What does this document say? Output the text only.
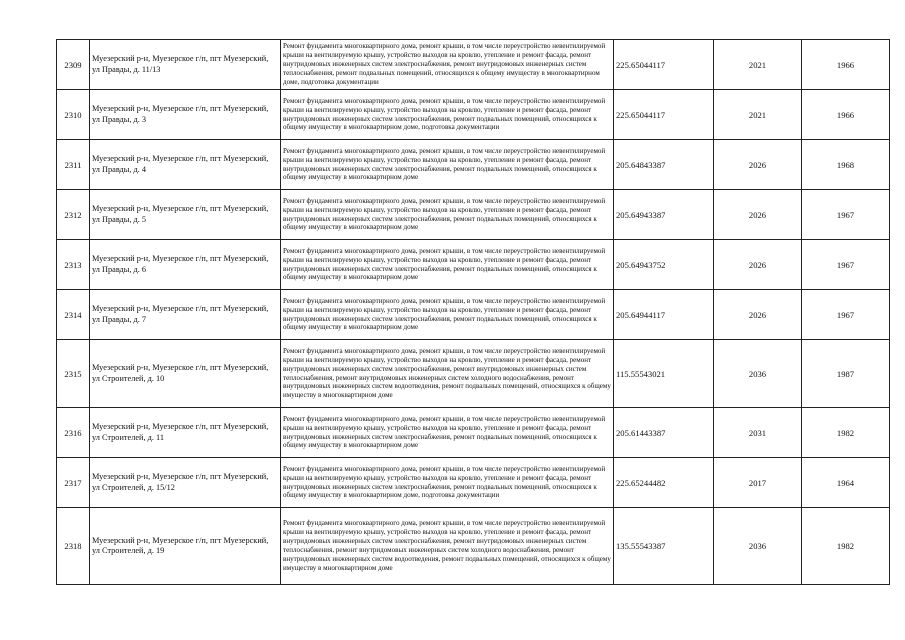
2309	Муезерский р-н, Муезерское г/п, пгт Муезерский, ул Правды, д. 11/13	Ремонт фундамента многоквартирного дома, ремонт крыши, в том числе переустройство невентилируемой крыши на вентилируемую крышу, устройство выходов на кровлю, утепление и ремонт фасада, ремонт внутридомовых инженерных систем электроснабжения, ремонт внутридомовых инженерных систем теплоснабжения, ремонт подвальных помещений, относящихся к общему имуществу в многоквартирном доме, подготовка документации	225.65044117	2021	1966
2310	Муезерский р-н, Муезерское г/п, пгт Муезерский, ул Правды, д. 3	Ремонт фундамента многоквартирного дома, ремонт крыши, в том числе переустройство невентилируемой крыши на вентилируемую крышу, устройство выходов на кровлю, утепление и ремонт фасада, ремонт внутридомовых инженерных систем электроснабжения, ремонт подвальных помещений, относящихся к общему имуществу в многоквартирном доме, подготовка документации	225.65044117	2021	1966
2311	Муезерский р-н, Муезерское г/п, пгт Муезерский, ул Правды, д. 4	Ремонт фундамента многоквартирного дома, ремонт крыши, в том числе переустройство невентилируемой крыши на вентилируемую крышу, устройство выходов на кровлю, утепление и ремонт фасада, ремонт внутридомовых инженерных систем электроснабжения, ремонт подвальных помещений, относящихся к общему имуществу в многоквартирном доме	205.64843387	2026	1968
2312	Муезерский р-н, Муезерское г/п, пгт Муезерский, ул Правды, д. 5	Ремонт фундамента многоквартирного дома, ремонт крыши, в том числе переустройство невентилируемой крыши на вентилируемую крышу, устройство выходов на кровлю, утепление и ремонт фасада, ремонт внутридомовых инженерных систем электроснабжения, ремонт подвальных помещений, относящихся к общему имуществу в многоквартирном доме	205.64943387	2026	1967
2313	Муезерский р-н, Муезерское г/п, пгт Муезерский, ул Правды, д. 6	Ремонт фундамента многоквартирного дома, ремонт крыши, в том числе переустройство невентилируемой крыши на вентилируемую крышу, устройство выходов на кровлю, утепление и ремонт фасада, ремонт внутридомовых инженерных систем электроснабжения, ремонт подвальных помещений, относящихся к общему имуществу в многоквартирном доме	205.64943752	2026	1967
2314	Муезерский р-н, Муезерское г/п, пгт Муезерский, ул Правды, д. 7	Ремонт фундамента многоквартирного дома, ремонт крыши, в том числе переустройство невентилируемой крыши на вентилируемую крышу, устройство выходов на кровлю, утепление и ремонт фасада, ремонт внутридомовых инженерных систем электроснабжения, ремонт подвальных помещений, относящихся к общему имуществу в многоквартирном доме	205.64944117	2026	1967
2315	Муезерский р-н, Муезерское г/п, пгт Муезерский, ул Строителей, д. 10	Ремонт фундамента многоквартирного дома, ремонт крыши, в том числе переустройство невентилируемой крыши на вентилируемую крышу, устройство выходов на кровлю, утепление и ремонт фасада, ремонт внутридомовых инженерных систем электроснабжения, ремонт внутридомовых инженерных систем теплоснабжения, ремонт внутридомовых инженерных систем холодного водоснабжения, ремонт внутридомовых инженерных систем водоотведения, ремонт подвальных помещений, относящихся к общему имуществу в многоквартирном доме	115.55543021	2036	1987
2316	Муезерский р-н, Муезерское г/п, пгт Муезерский, ул Строителей, д. 11	Ремонт фундамента многоквартирного дома, ремонт крыши, в том числе переустройство невентилируемой крыши на вентилируемую крышу, устройство выходов на кровлю, утепление и ремонт фасада, ремонт внутридомовых инженерных систем электроснабжения, ремонт подвальных помещений, относящихся к общему имуществу в многоквартирном доме	205.61443387	2031	1982
2317	Муезерский р-н, Муезерское г/п, пгт Муезерский, ул Строителей, д. 15/12	Ремонт фундамента многоквартирного дома, ремонт крыши, в том числе переустройство невентилируемой крыши на вентилируемую крышу, устройство выходов на кровлю, утепление и ремонт фасада, ремонт внутридомовых инженерных систем электроснабжения, ремонт подвальных помещений, относящихся к общему имуществу в многоквартирном доме, подготовка документации	225.65244482	2017	1964
2318	Муезерский р-н, Муезерское г/п, пгт Муезерский, ул Строителей, д. 19	Ремонт фундамента многоквартирного дома, ремонт крыши, в том числе переустройство невентилируемой крыши на вентилируемую крышу, устройство выходов на кровлю, утепление и ремонт фасада, ремонт внутридомовых инженерных систем электроснабжения, ремонт внутридомовых инженерных систем теплоснабжения, ремонт внутридомовых инженерных систем холодного водоснабжения, ремонт внутридомовых инженерных систем водоотведения, ремонт подвальных помещений, относящихся к общему имуществу в многоквартирном доме	135.55543387	2036	1982
